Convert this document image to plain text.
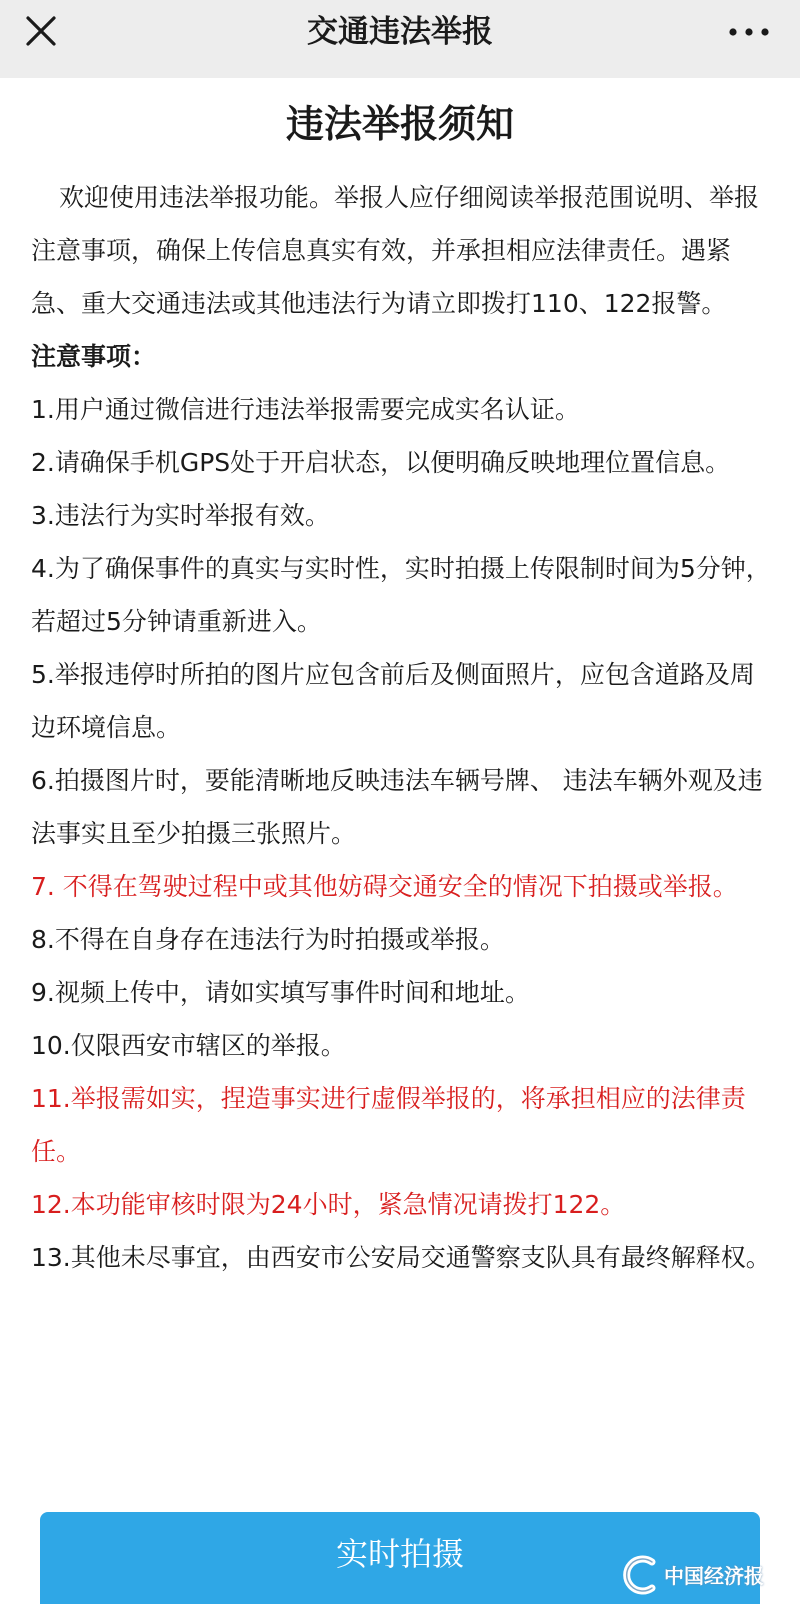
交通违法举报
违法举报须知

欢迎使用违法举报功能。举报人应仔细阅读举报范围说明、举报注意事项，确保上传信息真实有效，并承担相应法律责任。遇紧急、重大交通违法或其他违法行为请立即拨打110、122报警。

注意事项：

1.用户通过微信进行违法举报需要完成实名认证。

2.请确保手机GPS处于开启状态，以便明确反映地理位置信息。

3.违法行为实时举报有效。

4.为了确保事件的真实与实时性，实时拍摄上传限制时间为5分钟，若超过5分钟请重新进入。

5.举报违停时所拍的图片应包含前后及侧面照片，应包含道路及周边环境信息。

6.拍摄图片时，要能清晰地反映违法车辆号牌、 违法车辆外观及违法事实且至少拍摄三张照片。

7. 不得在驾驶过程中或其他妨碍交通安全的情况下拍摄或举报。

8.不得在自身存在违法行为时拍摄或举报。

9.视频上传中，请如实填写事件时间和地址。

10.仅限西安市辖区的举报。

11.举报需如实，捏造事实进行虚假举报的，将承担相应的法律责任。

12.本功能审核时限为24小时，紧急情况请拨打122。

13.其他未尽事宜，由西安市公安局交通警察支队具有最终解释权。

实时拍摄
中国经济报
